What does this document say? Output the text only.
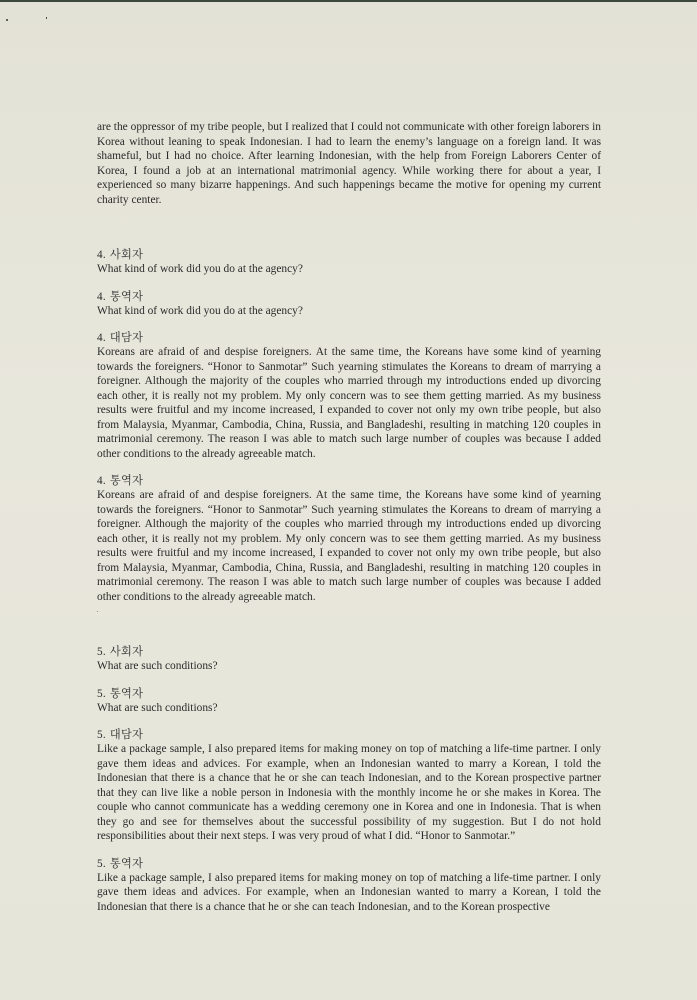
are the oppressor of my tribe people, but I realized that I could not communicate with other foreign laborers in Korea without leaning to speak Indonesian. I had to learn the enemy’s language on a foreign land. It was shameful, but I had no choice. After learning Indonesian, with the help from Foreign Laborers Center of Korea, I found a job at an international matrimonial agency. While working there for about a year, I experienced so many bizarre happenings. And such happenings became the motive for opening my current charity center.

4. 사회자

What kind of work did you do at the agency?

4. 통역자

What kind of work did you do at the agency?

4. 대담자

Koreans are afraid of and despise foreigners. At the same time, the Koreans have some kind of yearning towards the foreigners. “Honor to Sanmotar” Such yearning stimulates the Koreans to dream of marrying a foreigner. Although the majority of the couples who married through my introductions ended up divorcing each other, it is really not my problem. My only concern was to see them getting married. As my business results were fruitful and my income increased, I expanded to cover not only my own tribe people, but also from Malaysia, Myanmar, Cambodia, China, Russia, and Bangladeshi, resulting in matching 120 couples in matrimonial ceremony. The reason I was able to match such large number of couples was because I added other conditions to the already agreeable match.

4. 통역자

Koreans are afraid of and despise foreigners. At the same time, the Koreans have some kind of yearning towards the foreigners. “Honor to Sanmotar” Such yearning stimulates the Koreans to dream of marrying a foreigner. Although the majority of the couples who married through my introductions ended up divorcing each other, it is really not my problem. My only concern was to see them getting married. As my business results were fruitful and my income increased, I expanded to cover not only my own tribe people, but also from Malaysia, Myanmar, Cambodia, China, Russia, and Bangladeshi, resulting in matching 120 couples in matrimonial ceremony. The reason I was able to match such large number of couples was because I added other conditions to the already agreeable match.

5. 사회자

What are such conditions?

5. 통역자

What are such conditions?

5. 대담자

Like a package sample, I also prepared items for making money on top of matching a life-time partner. I only gave them ideas and advices. For example, when an Indonesian wanted to marry a Korean, I told the Indonesian that there is a chance that he or she can teach Indonesian, and to the Korean prospective partner that they can live like a noble person in Indonesia with the monthly income he or she makes in Korea. The couple who cannot communicate has a wedding ceremony one in Korea and one in Indonesia. That is when they go and see for themselves about the successful possibility of my suggestion. But I do not hold responsibilities about their next steps. I was very proud of what I did. “Honor to Sanmotar.”

5. 통역자

Like a package sample, I also prepared items for making money on top of matching a life-time partner. I only gave them ideas and advices. For example, when an Indonesian wanted to marry a Korean, I told the Indonesian that there is a chance that he or she can teach Indonesian, and to the Korean prospective
